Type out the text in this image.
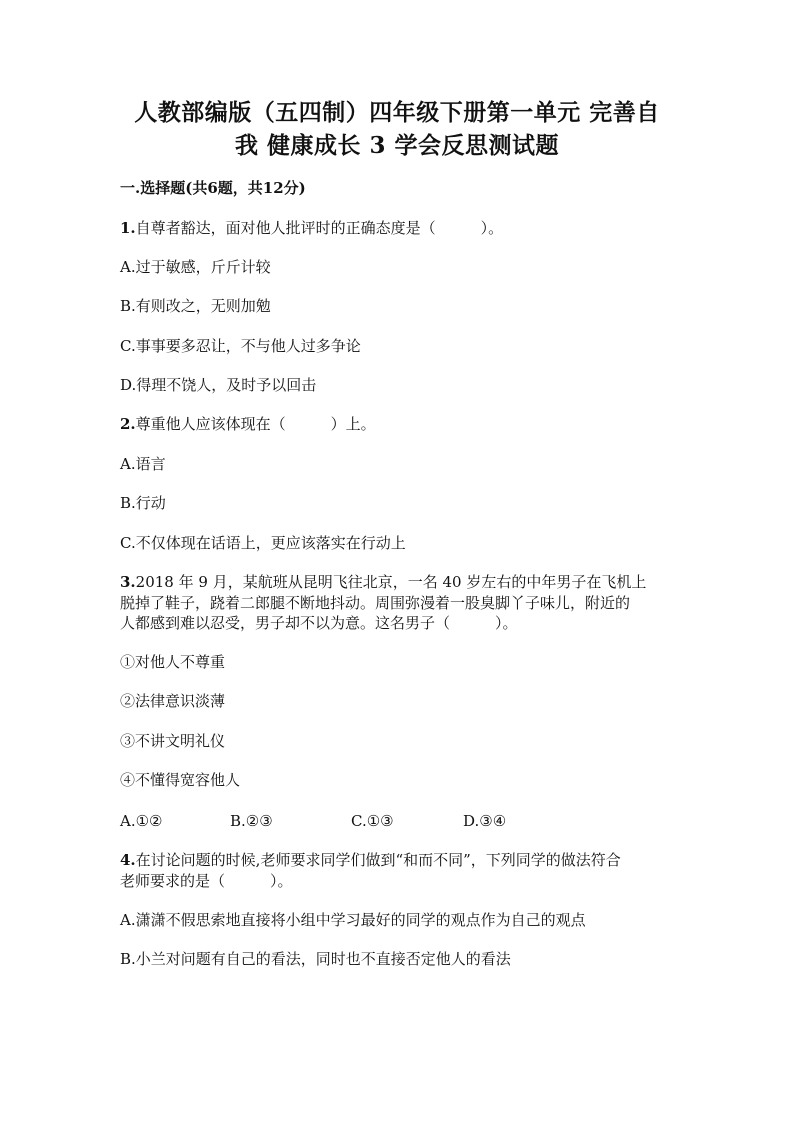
人教部编版（五四制）四年级下册第一单元 完善自
我 健康成长 3 学会反思测试题
一.选择题(共6题，共12分)
1.自尊者豁达，面对他人批评时的正确态度是（　　　）。
A.过于敏感，斤斤计较
B.有则改之，无则加勉
C.事事要多忍让，不与他人过多争论
D.得理不饶人，及时予以回击
2.尊重他人应该体现在（　　　）上。
A.语言
B.行动
C.不仅体现在话语上，更应该落实在行动上
3.2018 年 9 月，某航班从昆明飞往北京，一名 40 岁左右的中年男子在飞机上
脱掉了鞋子，跷着二郎腿不断地抖动。周围弥漫着一股臭脚丫子味儿，附近的
人都感到难以忍受，男子却不以为意。这名男子（　　　）。
①对他人不尊重
②法律意识淡薄
③不讲文明礼仪
④不懂得宽容他人
A.①②	B.②③	C.①③	D.③④
4.在讨论问题的时候,老师要求同学们做到“和而不同”，下列同学的做法符合
老师要求的是（　　　）。
A.潇潇不假思索地直接将小组中学习最好的同学的观点作为自己的观点
B.小兰对问题有自己的看法，同时也不直接否定他人的看法
